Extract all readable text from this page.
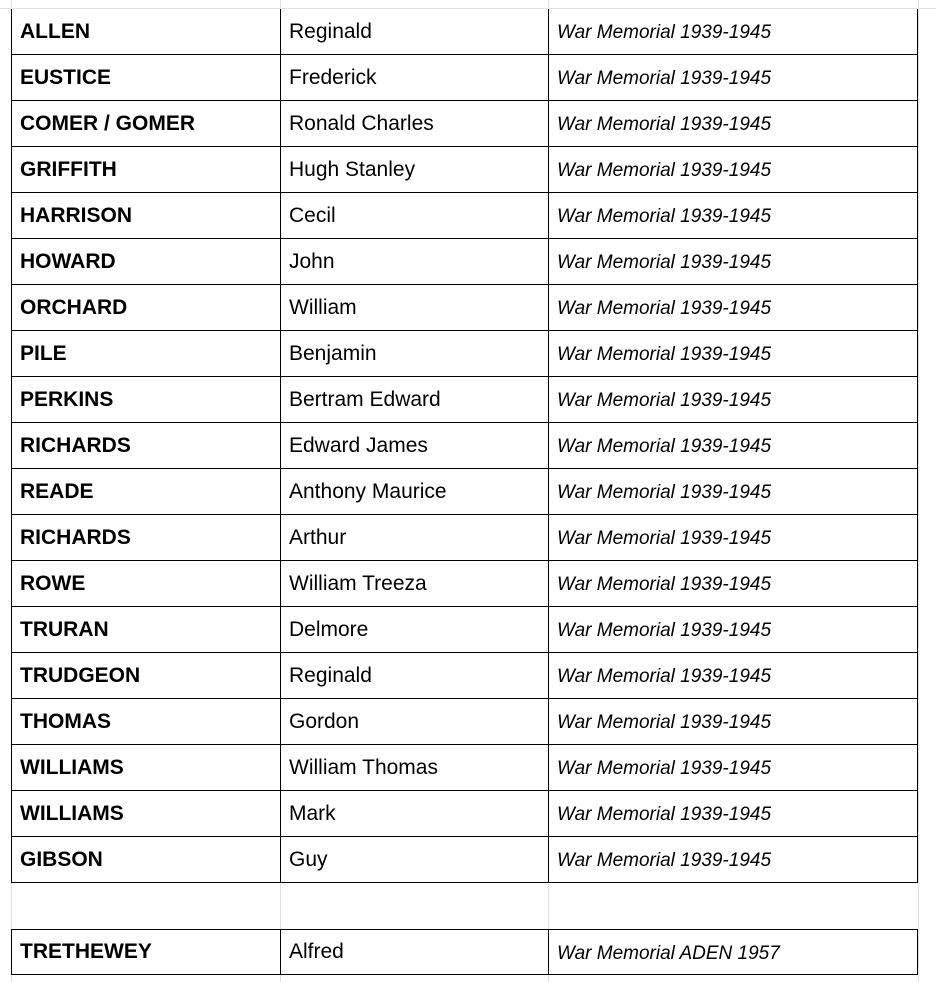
ALLEN	Reginald	War Memorial 1939-1945
EUSTICE	Frederick	War Memorial 1939-1945
COMER / GOMER	Ronald Charles	War Memorial 1939-1945
GRIFFITH	Hugh Stanley	War Memorial 1939-1945
HARRISON	Cecil	War Memorial 1939-1945
HOWARD	John	War Memorial 1939-1945
ORCHARD	William	War Memorial 1939-1945
PILE	Benjamin	War Memorial 1939-1945
PERKINS	Bertram Edward	War Memorial 1939-1945
RICHARDS	Edward James	War Memorial 1939-1945
READE	Anthony Maurice	War Memorial 1939-1945
RICHARDS	Arthur	War Memorial 1939-1945
ROWE	William Treeza	War Memorial 1939-1945
TRURAN	Delmore	War Memorial 1939-1945
TRUDGEON	Reginald	War Memorial 1939-1945
THOMAS	Gordon	War Memorial 1939-1945
WILLIAMS	William Thomas	War Memorial 1939-1945
WILLIAMS	Mark	War Memorial 1939-1945
GIBSON	Guy	War Memorial 1939-1945
TRETHEWEY	Alfred	War Memorial ADEN 1957
